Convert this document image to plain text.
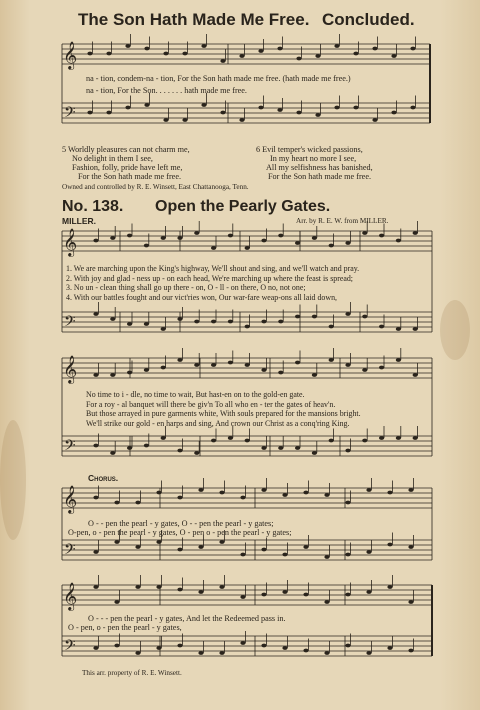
The Son Hath Made Me Free. Concluded.
𝄞
𝄢
𝄞
𝄢
𝄞
𝄢
𝄞
𝄢
𝄞
𝄢
na - tion, condem-na - tion, For the Son hath made me free. (hath made me free.)
na - tion, For the Son. . . . . . . hath made me free.
5 Worldly pleasures can not charm me,
No delight in them I see,
Fashion, folly, pride have left me,
For the Son hath made me free.
6 Evil temper's wicked passions,
In my heart no more I see,
All my selfishness has banished,
For the Son hath made me free.
Owned and controlled by R. E. Winsett, East Chattanooga, Tenn.
No. 138. Open the Pearly Gates.
MILLER.	Arr. by R. E. W. from MILLER.
1. We are marching upon the King's highway, We'll shout and sing, and we'll watch and pray.
2. With joy and glad - ness up - on each head, We're marching up where the feast is spread;
3. No un - clean thing shall go up there - on, O - ll - on there, O no, not one;
4. With our battles fought and our vict'ries won, Our war-fare weap-ons all laid down,
No time to i - dle, no time to wait, But hast-en on to the gold-en gate.
For a roy - al banquet will there be giv'n To all who en - ter the gates of heav'n.
But those arrayed in pure garments white, With souls prepared for the mansions bright.
We'll strike our gold - en harps and sing, And crown our Christ as a conq'ring King.
Chorus.
O - - pen the pearl - y gates, O - - pen the pearl - y gates;
O-pen, o - pen the pearl - y gates, O - pen o - pen the pearl - y gates;
O - - - pen the pearl - y gates, And let the Redeemed pass in.
O - pen, o - pen the pearl - y gates,
This arr. property of R. E. Winsett.
